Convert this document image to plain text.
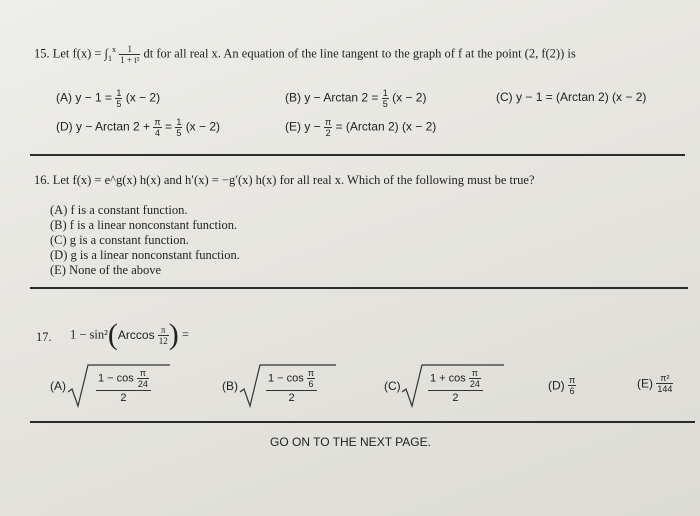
15. Let $f(x) = \int_1^x \frac{1}{\text{1 + t²}}$ dt for all real x. An equation of the line tangent to the graph of f at the point (2, f(2)) is
(A) $y - 1 = \frac{1}{5} (x - 2)$	(B) y − Arctan $2 = \frac{1}{5} (x - 2)$	(C) y − 1 = (Arctan 2) (x − 2)
(D) y − Arctan $2 + \frac{\pi}{4} = \frac{1}{5} (x - 2)$	(E) $y - \frac{\pi}{2} = (Arctan$ 2) (x − 2)
16. Let f(x) = e^g(x) h(x) and h′(x) = −g′(x) h(x) for all real x. Which of the following must be true?
(A) f is a constant function.
(B) f is a linear nonconstant function.
(C) g is a constant function.
(D) g is a linear nonconstant function.
(E) None of the above
17. $1 - \sin^2(Arccos \frac{\pi}{12}$ ) =
(A)
$1 - \cos \frac{\pi}{24}$
2
(B)
$1 - \cos \frac{\pi}{6}$
2
(C)
$1 + \cos \frac{\pi}{24}$
2
$(D) \frac{\pi}{6}$	$(E) \frac{\text{π²}}{144}$
GO ON TO THE NEXT PAGE.
